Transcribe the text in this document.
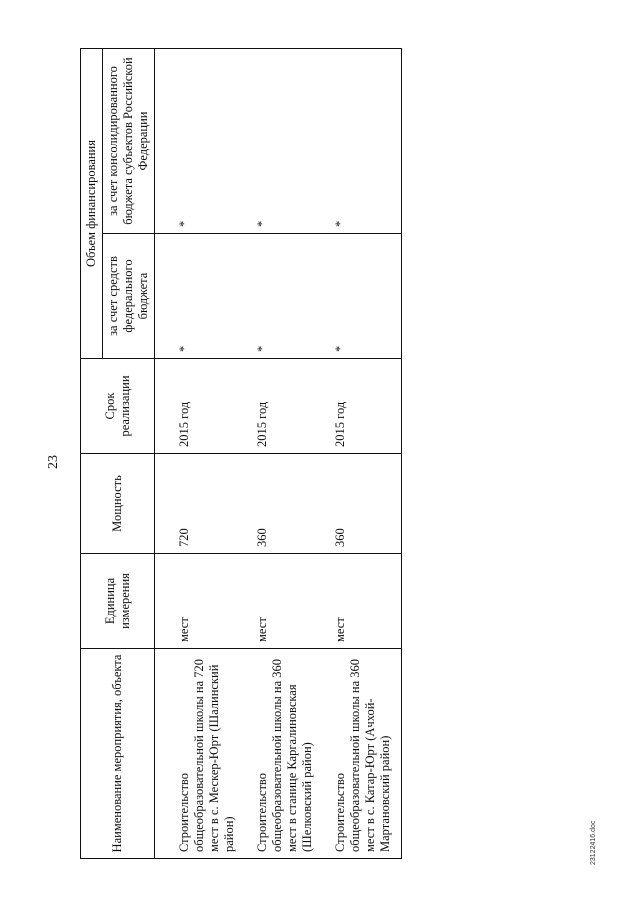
23
Наименование мероприятия, объекта	Единица измерения	Мощность	Срок реализации	Объем финансирования	
				за счет средств федерального бюджета	за счет консолидированного бюджета субъектов Российской Федерации
Строительство общеобразовательной школы на 720 мест в с. Мескер-Юрт (Шалинский район)	мест	720	2015 год	*	*
Строительство общеобразовательной школы на 360 мест в станице Каргалиновская (Шелковский район)	мест	360	2015 год	*	*
Строительство общеобразовательной школы на 360 мест в с. Катар-Юрт (Ачхой-Мартановский район)	мест	360	2015 год	*	*
23122416.doc
